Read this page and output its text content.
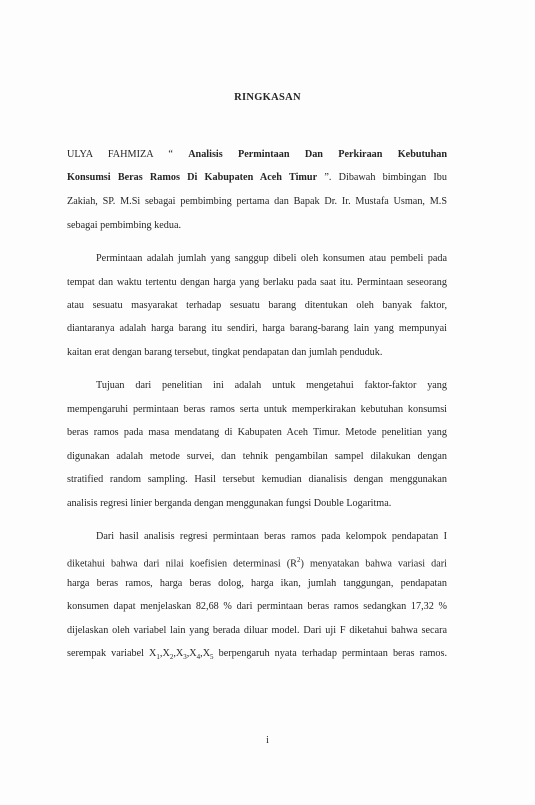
RINGKASAN
ULYA FAHMIZA “ Analisis Permintaan Dan Perkiraan Kebutuhan
Konsumsi Beras Ramos Di Kabupaten Aceh Timur ”. Dibawah bimbingan Ibu
Zakiah, SP. M.Si sebagai pembimbing pertama dan Bapak Dr. Ir. Mustafa Usman, M.S
sebagai pembimbing kedua.
Permintaan adalah jumlah yang sanggup dibeli oleh konsumen atau pembeli pada
tempat dan waktu tertentu dengan harga yang berlaku pada saat itu. Permintaan seseorang
atau sesuatu masyarakat terhadap sesuatu barang ditentukan oleh banyak faktor,
diantaranya adalah harga barang itu sendiri, harga barang-barang lain yang mempunyai
kaitan erat dengan barang tersebut, tingkat pendapatan dan jumlah penduduk.
Tujuan dari penelitian ini adalah untuk mengetahui faktor-faktor yang
mempengaruhi permintaan beras ramos serta untuk memperkirakan kebutuhan konsumsi
beras ramos pada masa mendatang di Kabupaten Aceh Timur. Metode penelitian yang
digunakan adalah metode survei, dan tehnik pengambilan sampel dilakukan dengan
stratified random sampling. Hasil tersebut kemudian dianalisis dengan menggunakan
analisis regresi linier berganda dengan menggunakan fungsi Double Logaritma.
Dari hasil analisis regresi permintaan beras ramos pada kelompok pendapatan I
diketahui bahwa dari nilai koefisien determinasi $(R^2)$ menyatakan bahwa variasi dari
harga beras ramos, harga beras dolog, harga ikan, jumlah tanggungan, pendapatan
konsumen dapat menjelaskan 82,68 % dari permintaan beras ramos sedangkan 17,32 %
dijelaskan oleh variabel lain yang berada diluar model. Dari uji F diketahui bahwa secara
serempak variabel $X_1,X_2,X_3,X_4,X_5$ berpengaruh nyata terhadap permintaan beras ramos.
i
